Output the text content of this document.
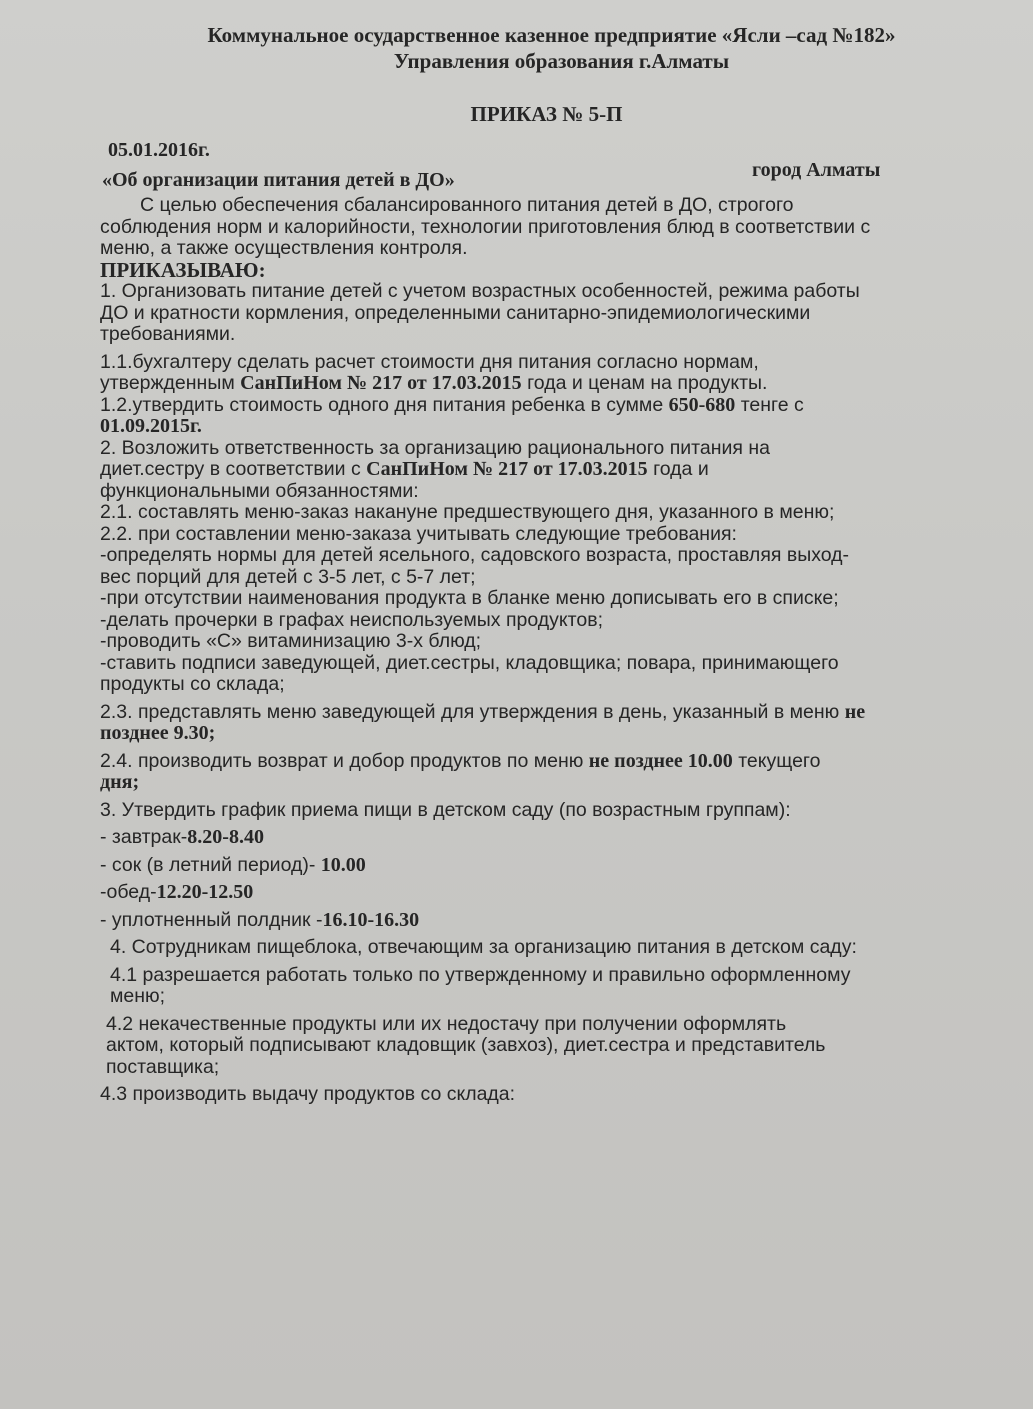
Коммунальное осударственное казенное предприятие «Ясли –сад №182»
Управления образования г.Алматы
ПРИКАЗ № 5-П
05.01.2016г.
город Алматы
«Об организации питания детей в ДО»

С целью обеспечения сбалансированного питания детей в ДО, строгого

соблюдения норм и калорийности, технологии приготовления блюд в соответствии с

меню, а также осуществления контроля.

ПРИКАЗЫВАЮ:

1. Организовать питание детей с учетом возрастных особенностей, режима работы

ДО и кратности кормления, определенными санитарно-эпидемиологическими

требованиями.

1.1.бухгалтеру сделать расчет стоимости дня питания согласно нормам,

утвержденным СанПиНом № 217 от 17.03.2015 года и ценам на продукты.

1.2.утвердить стоимость одного дня питания ребенка в сумме 650-680 тенге с

01.09.2015г.

2. Возложить ответственность за организацию рационального питания на

диет.сестру в соответствии с СанПиНом № 217 от 17.03.2015 года и

функциональными обязанностями:

2.1. составлять меню-заказ накануне предшествующего дня, указанного в меню;

2.2. при составлении меню-заказа учитывать следующие требования:

-определять нормы для детей ясельного, садовского возраста, проставляя выход-

вес порций для детей с 3-5 лет, с 5-7 лет;

-при отсутствии наименования продукта в бланке меню дописывать его в списке;

-делать прочерки в графах неиспользуемых продуктов;

-проводить «С» витаминизацию 3-х блюд;

-ставить подписи заведующей, диет.сестры, кладовщика; повара, принимающего

продукты со склада;

2.3. представлять меню заведующей для утверждения в день, указанный в меню не

позднее 9.30;

2.4. производить возврат и добор продуктов по меню не позднее 10.00 текущего

дня;

3. Утвердить график приема пищи в детском саду (по возрастным группам):

- завтрак-8.20-8.40

- сок (в летний период)- 10.00

-обед-12.20-12.50

- уплотненный полдник -16.10-16.30

4. Сотрудникам пищеблока, отвечающим за организацию питания в детском саду:

4.1 разрешается работать только по утвержденному и правильно оформленному

меню;

4.2 некачественные продукты или их недостачу при получении оформлять

актом, который подписывают кладовщик (завхоз), диет.сестра и представитель

поставщика;

4.3 производить выдачу продуктов со склада:
